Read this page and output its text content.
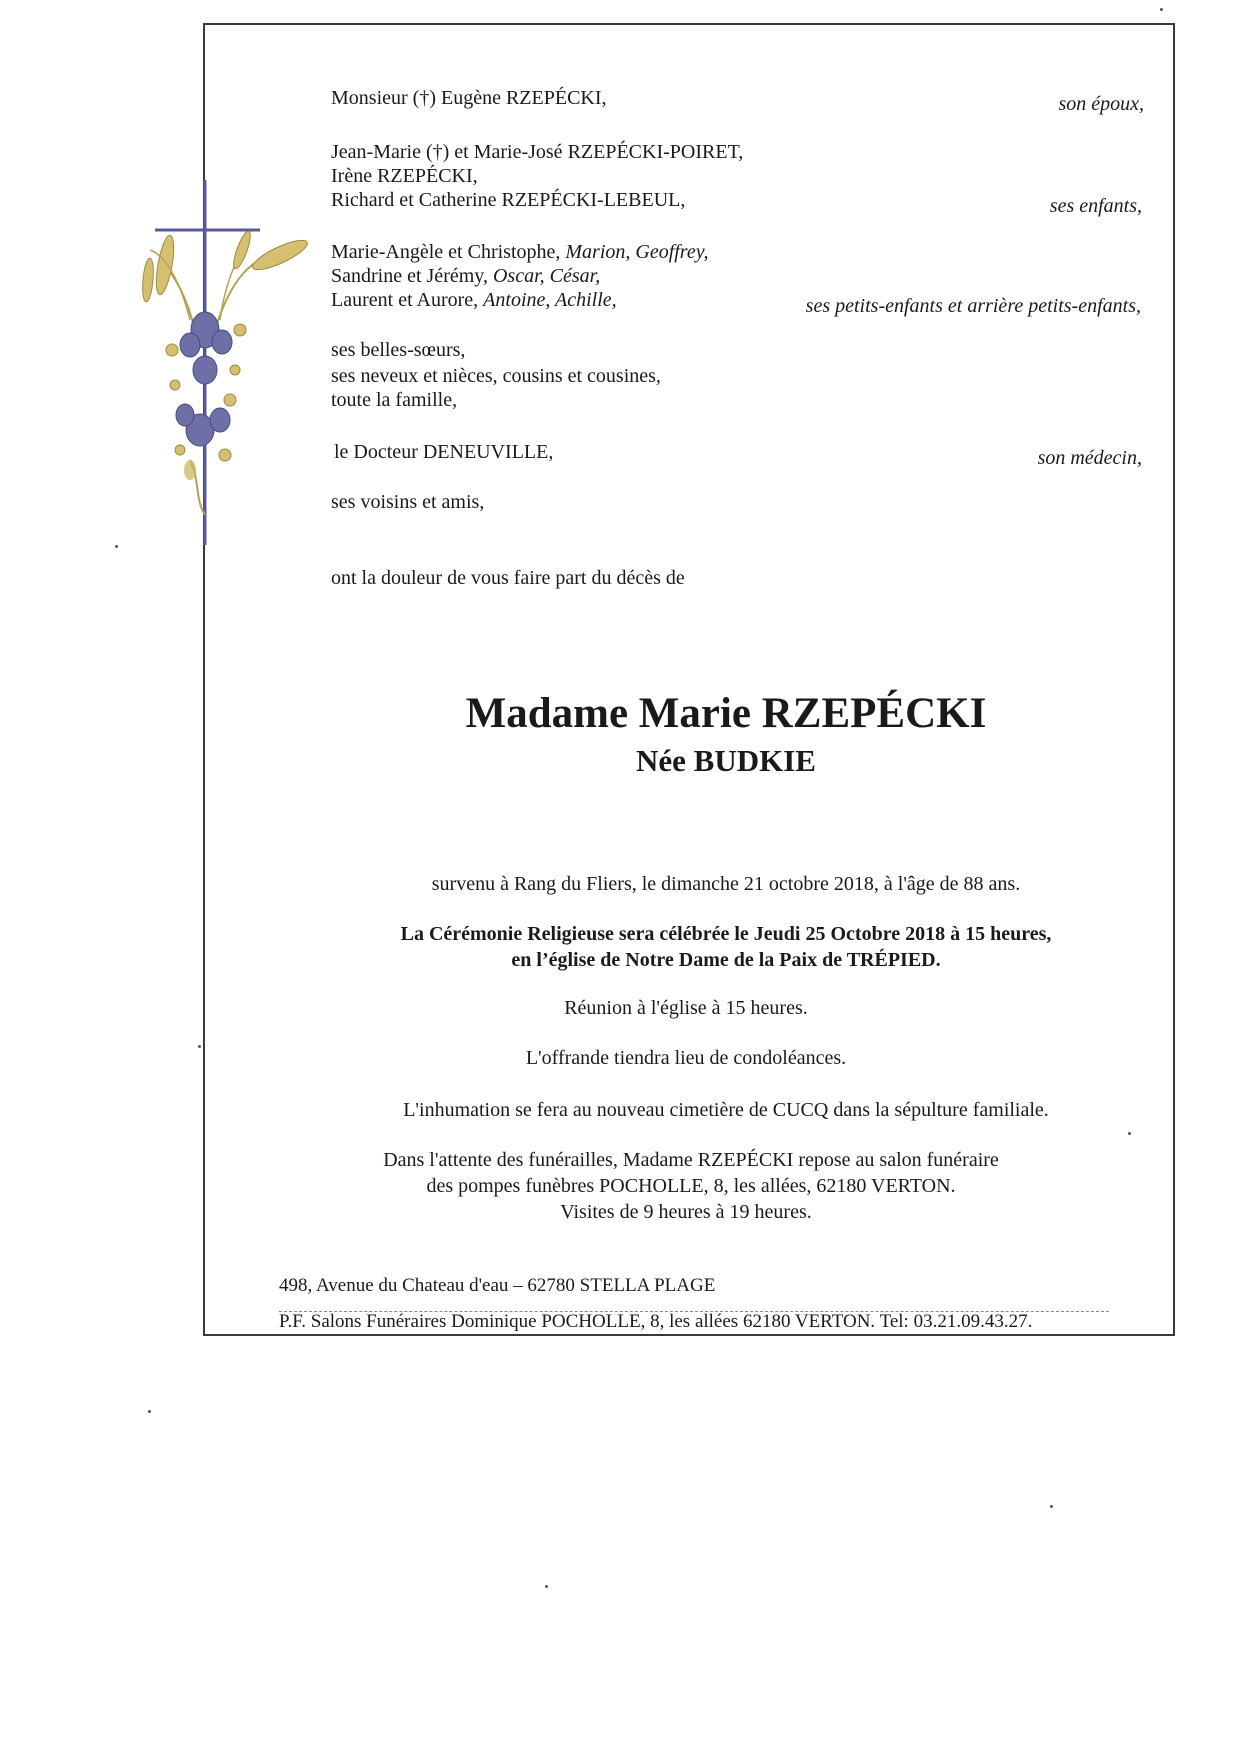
Monsieur (†) Eugène RZEPÉCKI,	son époux,
Jean-Marie (†) et Marie-José RZEPÉCKI-POIRET,
Irène RZEPÉCKI,
Richard et Catherine RZEPÉCKI-LEBEUL,	ses enfants,
Marie-Angèle et Christophe, Marion, Geoffrey,
Sandrine et Jérémy, Oscar, César,
Laurent et Aurore, Antoine, Achille,	ses petits-enfants et arrière petits-enfants,
ses belles-sœurs,
ses neveux et nièces, cousins et cousines,
toute la famille,
le Docteur DENEUVILLE,	son médecin,
ses voisins et amis,
ont la douleur de vous faire part du décès de
Madame Marie RZEPÉCKI
Née BUDKIE
survenu à Rang du Fliers, le dimanche 21 octobre 2018, à l'âge de 88 ans.
La Cérémonie Religieuse sera célébrée le Jeudi 25 Octobre 2018 à 15 heures,
en l’église de Notre Dame de la Paix de TRÉPIED.
Réunion à l'église à 15 heures.
L'offrande tiendra lieu de condoléances.
L'inhumation se fera au nouveau cimetière de CUCQ dans la sépulture familiale.
Dans l'attente des funérailles, Madame RZEPÉCKI repose au salon funéraire
des pompes funèbres POCHOLLE, 8, les allées, 62180 VERTON.
Visites de 9 heures à 19 heures.
498, Avenue du Chateau d'eau – 62780 STELLA PLAGE
P.F. Salons Funéraires Dominique POCHOLLE, 8, les allées 62180 VERTON. Tel: 03.21.09.43.27.
